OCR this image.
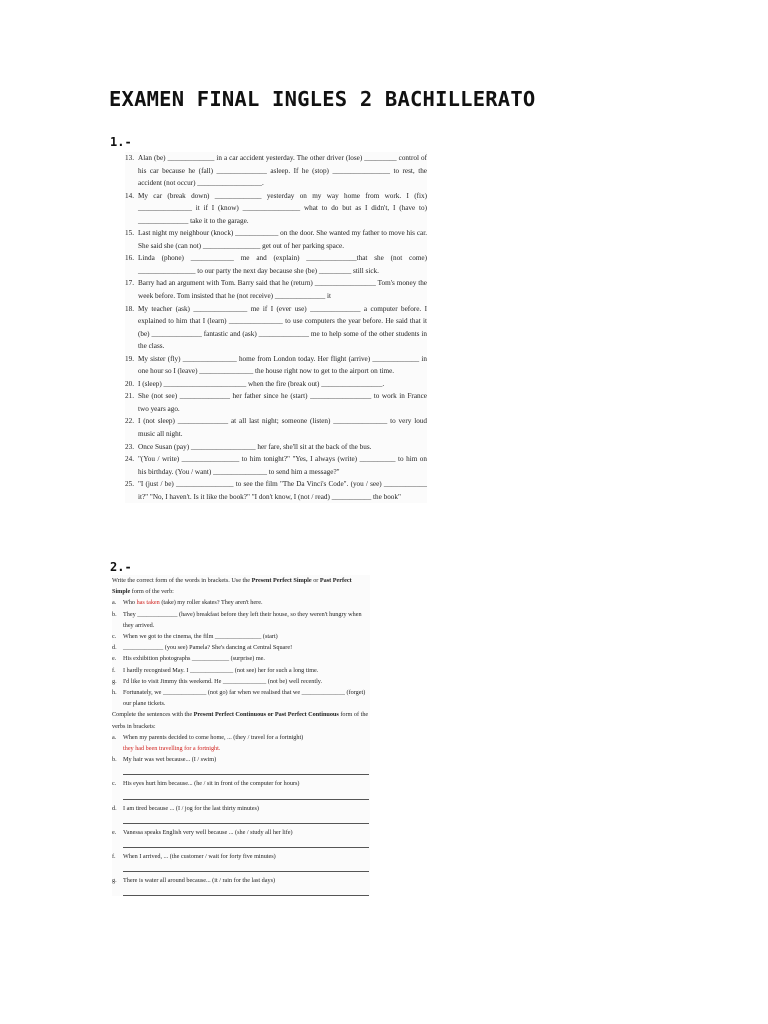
EXAMEN FINAL INGLES 2 BACHILLERATO
1.-
13. Alan (be) _____________ in a car accident yesterday. The other driver (lose) _________ control of his car because he (fall) ______________ asleep. If he (stop) ________________ to rest, the accident (not occur) __________________.
14. My car (break down) _____________ yesterday on my way home from work. I (fix) _______________ it if I (know) ________________ what to do but as I didn't, I (have to) ______________ take it to the garage.
15. Last night my neighbour (knock) ____________ on the door. She wanted my father to move his car. She said she (can not) ________________ get out of her parking space.
16. Linda (phone) ____________ me and (explain) ______________that she (not come) ________________ to our party the next day because she (be) _________ still sick.
17. Barry had an argument with Tom. Barry said that he (return) _________________ Tom's money the week before. Tom insisted that he (not receive) ______________ it
18. My teacher (ask) _______________ me if I (ever use) ______________ a computer before. I explained to him that I (learn) _______________ to use computers the year before. He said that it (be) ______________ fantastic and (ask) ______________ me to help some of the other students in the class.
19. My sister (fly) _______________ home from London today. Her flight (arrive) _____________ in one hour so I (leave) _______________ the house right now to get to the airport on time.
20. I (sleep) _______________________ when the fire (break out) _________________.
21. She (not see) ______________ her father since he (start) _________________ to work in France two years ago.
22. I (not sleep) ______________ at all last night; someone (listen) _______________ to very loud music all night.
23. Once Susan (pay) __________________ her fare, she'll sit at the back of the bus.
24. "(You / write) ________________ to him tonight?" "Yes, I always (write) __________ to him on his birthday. (You / want) _______________ to send him a message?"
25. "I (just / be) ________________ to see the film "The Da Vinci's Code". (you / see) ____________ it?" "No, I haven't. Is it like the book?" "I don't know, I (not / read) ___________ the book"
2.-
Write the correct form of the words in brackets. Use the Present Perfect Simple or Past Perfect Simple form of the verb:
a. Who has taken (take) my roller skates? They aren't here.
b. They _____________ (have) breakfast before they left their house, so they weren't hungry when they arrived.
c. When we got to the cinema, the film _______________ (start)
d. _____________ (you see) Pamela? She's dancing at Central Square!
e. His exhibition photographs ____________ (surprise) me.
f. I hardly recognised May. I ______________ (not see) her for such a long time.
g. I'd like to visit Jimmy this weekend. He ______________ (not be) well recently.
h. Fortunately, we ______________ (not go) far when we realised that we ______________ (forget) our plane tickets.
Complete the sentences with the Present Perfect Continuous or Past Perfect Continuous form of the verbs in brackets:
a. When my parents decided to come home, ... (they / travel for a fortnight)
they had been travelling for a fortnight.
b. My hair was wet because... (I / swim)
c. His eyes hurt him because... (he / sit in front of the computer for hours)
d. I am tired because ... (I / jog for the last thirty minutes)
e. Vanessa speaks English very well because ... (she / study all her life)
f. When I arrived, ... (the customer / wait for forty five minutes)
g. There is water all around because... (it / rain for the last days)
